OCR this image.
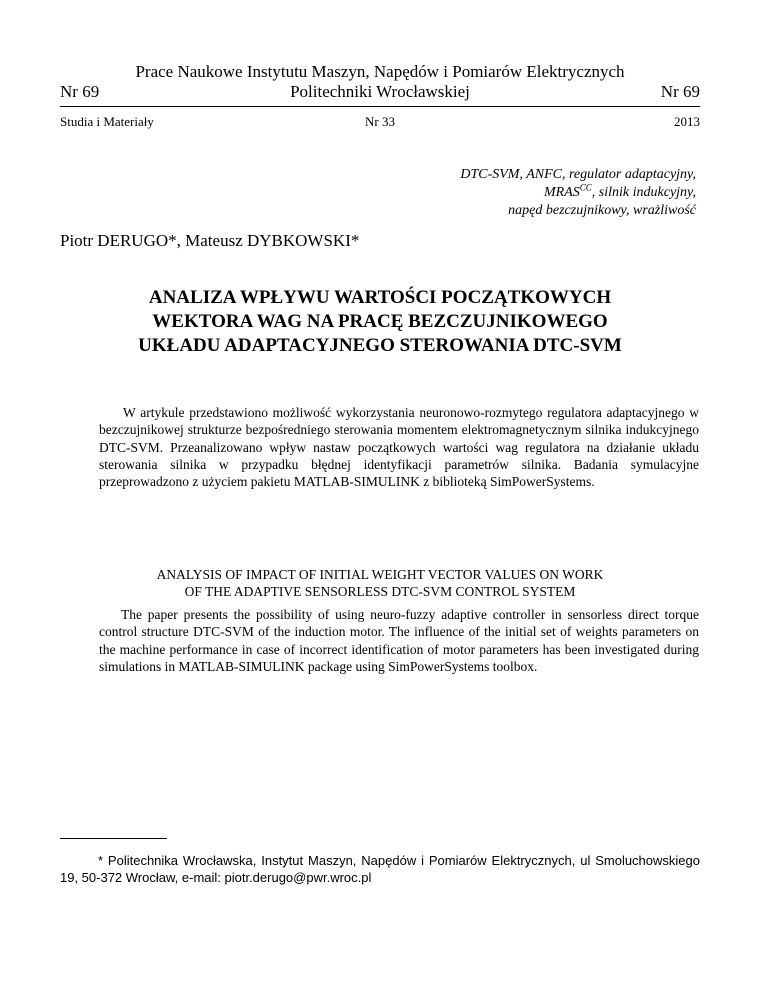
Prace Naukowe Instytutu Maszyn, Napędów i Pomiarów Elektrycznych
Politechniki Wrocławskiej
Nr 69	Nr 69
Studia i Materiały	Nr 33	2013
DTC-SVM, ANFC, regulator adaptacyjny,
$MRAS^{CC}$, silnik indukcyjny,
napęd bezczujnikowy, wrażliwość
Piotr DERUGO*, Mateusz DYBKOWSKI*
ANALIZA WPŁYWU WARTOŚCI POCZĄTKOWYCH
WEKTORA WAG NA PRACĘ BEZCZUJNIKOWEGO
UKŁADU ADAPTACYJNEGO STEROWANIA DTC-SVM

W artykule przedstawiono możliwość wykorzystania neuronowo-rozmytego regulatora adaptacyjnego w bezczujnikowej strukturze bezpośredniego sterowania momentem elektromagnetycznym silnika indukcyjnego DTC-SVM. Przeanalizowano wpływ nastaw początkowych wartości wag regulatora na działanie układu sterowania silnika w przypadku błędnej identyfikacji parametrów silnika. Badania symulacyjne przeprowadzono z użyciem pakietu MATLAB-SIMULINK z biblioteką SimPowerSystems.

ANALYSIS OF IMPACT OF INITIAL WEIGHT VECTOR VALUES ON WORK
OF THE ADAPTIVE SENSORLESS DTC-SVM CONTROL SYSTEM

The paper presents the possibility of using neuro-fuzzy adaptive controller in sensorless direct torque control structure DTC-SVM of the induction motor. The influence of the initial set of weights parameters on the machine performance in case of incorrect identification of motor parameters has been investigated during simulations in MATLAB-SIMULINK package using SimPowerSystems toolbox.

* Politechnika Wrocławska, Instytut Maszyn, Napędów i Pomiarów Elektrycznych, ul Smoluchowskiego 19, 50-372 Wrocław, e-mail: piotr.derugo@pwr.wroc.pl
